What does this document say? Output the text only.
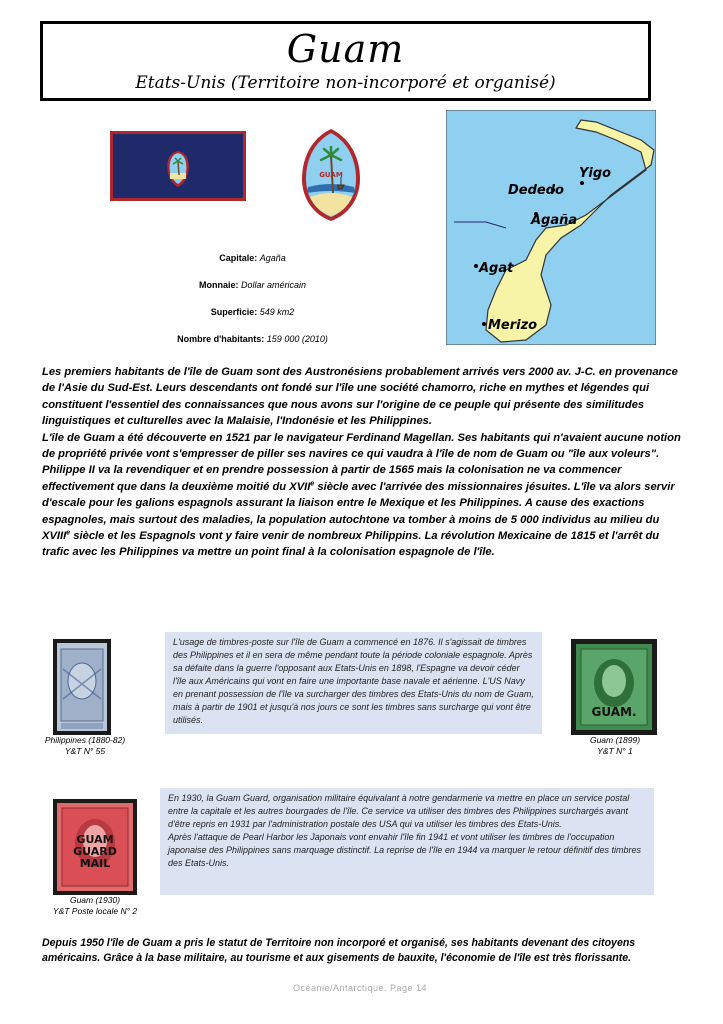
Guam
Etats-Unis (Territoire non-incorporé et organisé)
GUAM	Yigo
Dededo
Agaña
Agat
Merizo
Capitale: Agaña
Monnaie: Dollar américain
Superficie: 549 km2
Nombre d'habitants: 159 000 (2010)

Les premiers habitants de l'île de Guam sont des Austronésiens probablement arrivés vers 2000 av. J-C. en provenance de l'Asie du Sud-Est. Leurs descendants ont fondé sur l'île une société chamorro, riche en mythes et légendes qui constituent l'essentiel des connaissances que nous avons sur l'origine de ce peuple qui présente des similitudes linguistiques et culturelles avec la Malaisie, l'Indonésie et les Philippines.

L'île de Guam a été découverte en 1521 par le navigateur Ferdinand Magellan. Ses habitants qui n'avaient aucune notion de propriété privée vont s'empresser de piller ses navires ce qui vaudra à l'île de nom de Guam ou "île aux voleurs". Philippe II va la revendiquer et en prendre possession à partir de 1565 mais la colonisation ne va commencer effectivement que dans la deuxième moitié du XVIIe siècle avec l'arrivée des missionnaires jésuites. L'île va alors servir d'escale pour les galions espagnols assurant la liaison entre le Mexique et les Philippines. A cause des exactions espagnoles, mais surtout des maladies, la population autochtone va tomber à moins de 5 000 individus au milieu du XVIIIe siècle et les Espagnols vont y faire venir de nombreux Philippins. La révolution Mexicaine de 1815 et l'arrêt du trafic avec les Philippines va mettre un point final à la colonisation espagnole de l'île.

Philippines (1880-82)
Y&T N° 55

L'usage de timbres-poste sur l'île de Guam a commencé en 1876. Il s'agissait de timbres des Philippines et il en sera de même pendant toute la période coloniale espagnole. Après sa défaite dans la guerre l'opposant aux Etats-Unis en 1898, l'Espagne va devoir céder l'île aux Américains qui vont en faire une importante base navale et aérienne. L'US Navy en prenant possession de l'île va surcharger des timbres des Etats-Unis du nom de Guam, mais à partir de 1901 et jusqu'à nos jours ce sont les timbres sans surcharge qui vont être utilisés.

GUAM.
Guam (1899)
Y&T N° 1
GUAM
GUARD
MAIL
Guam (1930)
Y&T Poste locale N° 2

En 1930, la Guam Guard, organisation militaire équivalant à notre gendarmerie va mettre en place un service postal entre la capitale et les autres bourgades de l'île. Ce service va utiliser des timbres des Philippines surchargés avant d'être repris en 1931 par l'administration postale des USA qui va utiliser les timbres des Etats-Unis.

Après l'attaque de Pearl Harbor les Japonais vont envahir l'île fin 1941 et vont utiliser les timbres de l'occupation japonaise des Philippines sans marquage distinctif. La reprise de l'île en 1944 va marquer le retour définitif des timbres des Etats-Unis.

Depuis 1950 l'île de Guam a pris le statut de Territoire non incorporé et organisé, ses habitants devenant des citoyens américains. Grâce à la base militaire, au tourisme et aux gisements de bauxite, l'économie de l'île est très florissante.
Océanie/Antarctique. Page 14
